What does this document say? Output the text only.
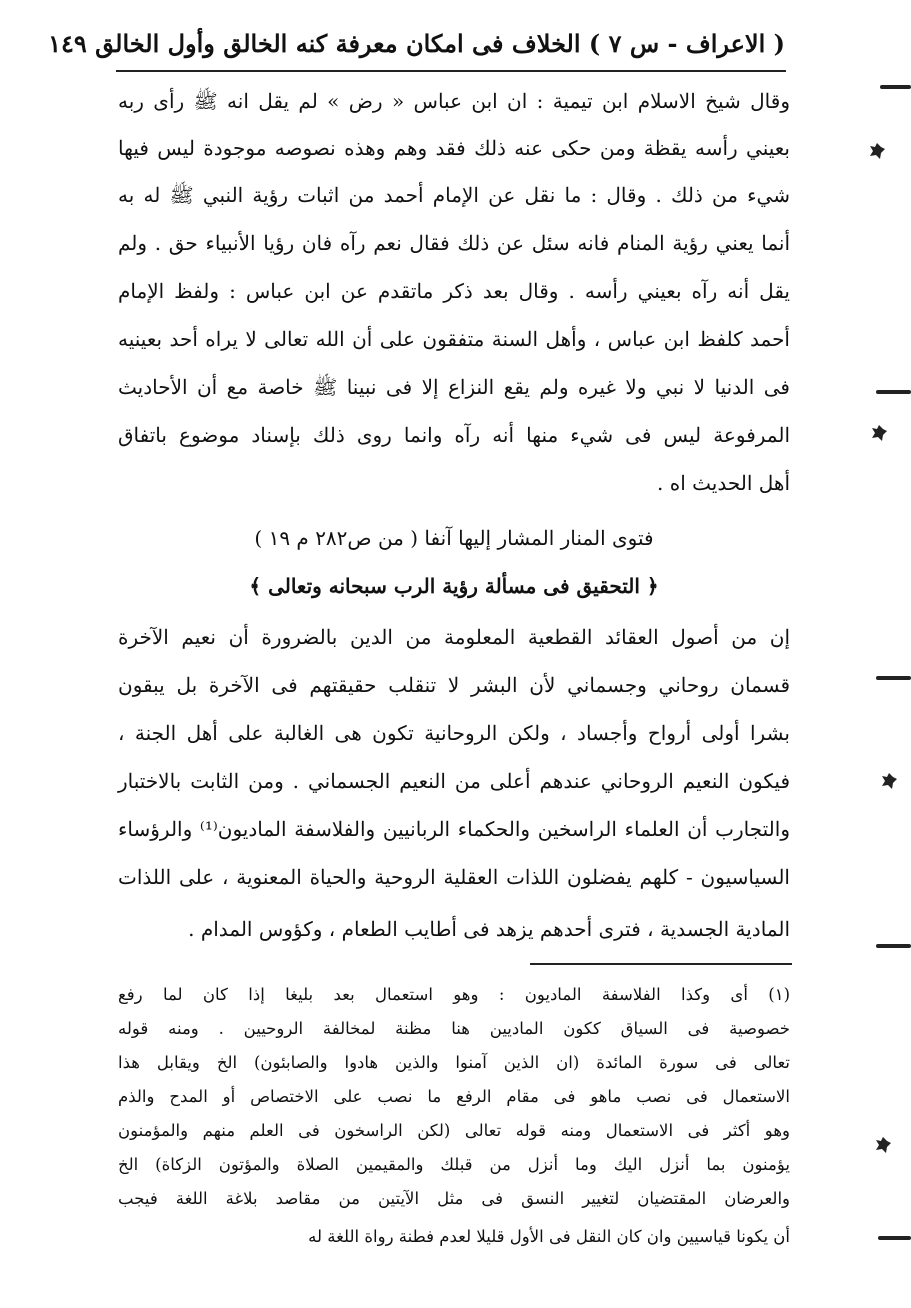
( الاعراف - س ٧ ) الخلاف فى امكان معرفة كنه الخالق وأول الخالق ١٤٩
وقال شيخ الاسلام ابن تيمية : ان ابن عباس « رض » لم يقل انه ﷺ رأى ربه
بعيني رأسه يقظة ومن حكى عنه ذلك فقد وهم وهذه نصوصه موجودة ليس فيها
شيء من ذلك . وقال : ما نقل عن الإمام أحمد من اثبات رؤية النبي ﷺ له به
أنما يعني رؤية المنام فانه سئل عن ذلك فقال نعم رآه فان رؤيا الأنبياء حق . ولم
يقل أنه رآه بعيني رأسه . وقال بعد ذكر ماتقدم عن ابن عباس : ولفظ الإمام
أحمد كلفظ ابن عباس ، وأهل السنة متفقون على أن الله تعالى لا يراه أحد بعينيه
فى الدنيا لا نبي ولا غيره ولم يقع النزاع إلا فى نبينا ﷺ خاصة مع أن الأحاديث
المرفوعة ليس فى شيء منها أنه رآه وانما روى ذلك بإسناد موضوع باتفاق
أهل الحديث اه .
فتوى المنار المشار إليها آنفا ( من ص٢٨٢ م ١٩ )
﴿ التحقيق فى مسألة رؤية الرب سبحانه وتعالى ﴾
إن من أصول العقائد القطعية المعلومة من الدين بالضرورة أن نعيم الآخرة
قسمان روحاني وجسماني لأن البشر لا تنقلب حقيقتهم فى الآخرة بل يبقون
بشرا أولى أرواح وأجساد ، ولكن الروحانية تكون هى الغالبة على أهل الجنة ،
فيكون النعيم الروحاني عندهم أعلى من النعيم الجسماني . ومن الثابت بالاختبار
والتجارب أن العلماء الراسخين والحكماء الربانيين والفلاسفة الماديون⁽¹⁾ والرؤساء
السياسيون - كلهم يفضلون اللذات العقلية الروحية والحياة المعنوية ، على اللذات
المادية الجسدية ، فترى أحدهم يزهد فى أطايب الطعام ، وكؤوس المدام .
(١) أى وكذا الفلاسفة الماديون : وهو استعمال بعد بليغا إذا كان لما رفع
خصوصية فى السياق ككون الماديين هنا مظنة لمخالفة الروحيين . ومنه قوله
تعالى فى سورة المائدة (ان الذين آمنوا والذين هادوا والصابئون) الخ ويقابل هذا
الاستعمال فى نصب ماهو فى مقام الرفع ما نصب على الاختصاص أو المدح والذم
وهو أكثر فى الاستعمال ومنه قوله تعالى (لكن الراسخون فى العلم منهم والمؤمنون
يؤمنون بما أنزل اليك وما أنزل من قبلك والمقيمين الصلاة والمؤتون الزكاة) الخ
والعرضان المقتضيان لتغيير النسق فى مثل الآيتين من مقاصد بلاغة اللغة فيجب
أن يكونا قياسيين وان كان النقل فى الأول قليلا لعدم فطنة رواة اللغة له
